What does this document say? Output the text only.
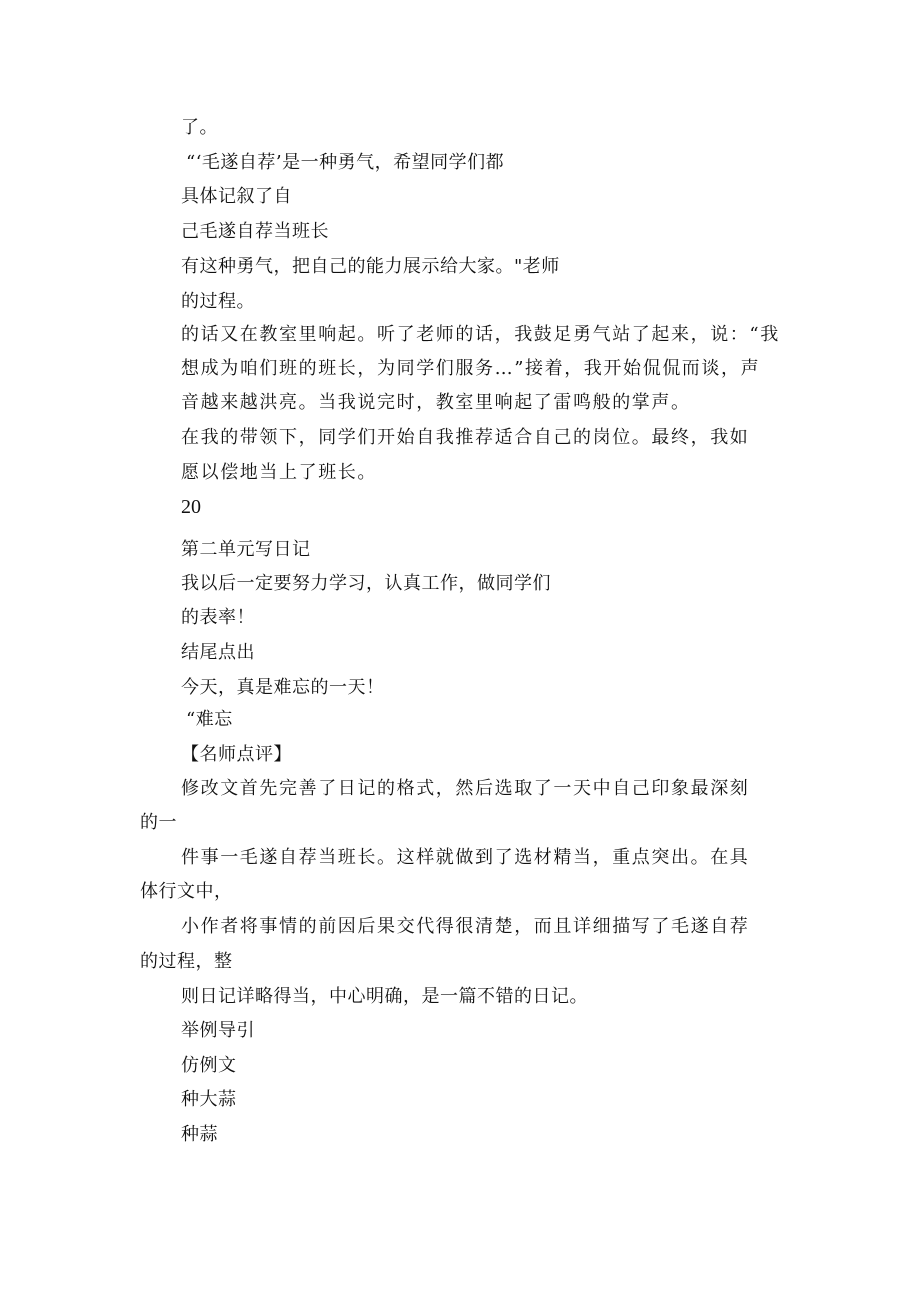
了。
“‘毛遂自荐’是一种勇气，希望同学们都
具体记叙了自
己毛遂自荐当班长
有这种勇气，把自己的能力展示给大家。"老师
的过程。
的话又在教室里响起。听了老师的话，我鼓足勇气站了起来，说：“我
想成为咱们班的班长，为同学们服务…”接着，我开始侃侃而谈，声
音越来越洪亮。当我说完时，教室里响起了雷鸣般的掌声。
在我的带领下，同学们开始自我推荐适合自己的岗位。最终，我如
愿以偿地当上了班长。
20
第二单元写日记
我以后一定要努力学习，认真工作，做同学们
的表率！
结尾点出
今天，真是难忘的一天！
“难忘
【名师点评】
修改文首先完善了日记的格式，然后选取了一天中自己印象最深刻
的一
件事一毛遂自荐当班长。这样就做到了选材精当，重点突出。在具
体行文中，
小作者将事情的前因后果交代得很清楚，而且详细描写了毛遂自荐
的过程，整
则日记详略得当，中心明确，是一篇不错的日记。
举例导引
仿例文
种大蒜
种蒜
